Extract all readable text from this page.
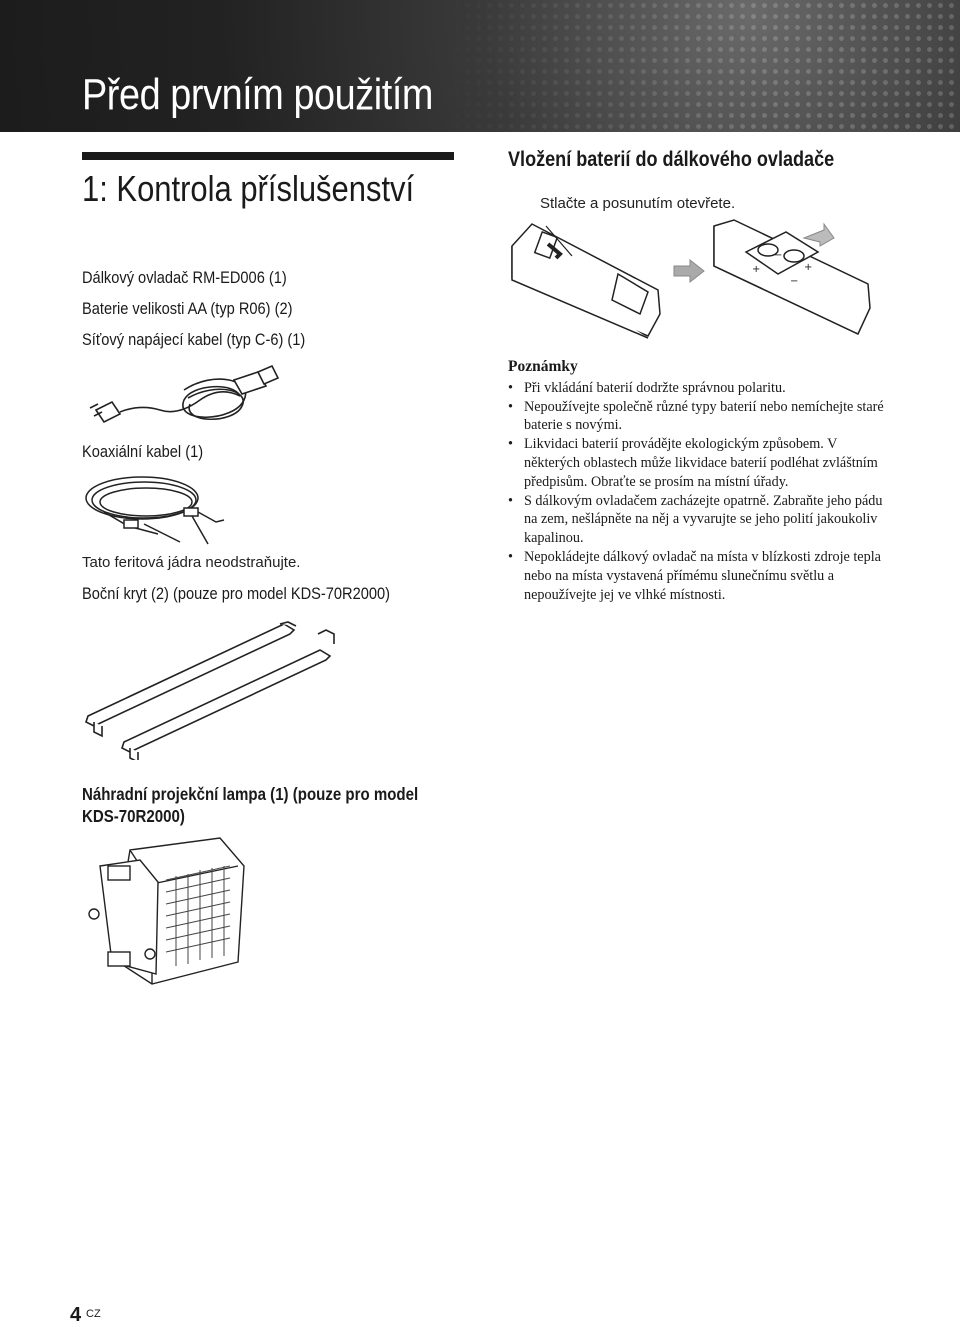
Před prvním použitím
1: Kontrola příslušenství
Dálkový ovladač RM-ED006 (1)
Baterie velikosti AA (typ R06) (2)
Síťový napájecí kabel (typ C-6) (1)
Koaxiální kabel (1)
Tato feritová jádra neodstraňujte.
Boční kryt (2) (pouze pro model KDS-70R2000)
Náhradní projekční lampa (1) (pouze pro model
KDS-70R2000)
Vložení baterií do dálkového ovladače
Stlačte a posunutím otevřete.
+
−
−
+
Poznámky
• Při vkládání baterií dodržte správnou polaritu.
• Nepoužívejte společně různé typy baterií nebo nemíchejte staré baterie s novými.
• Likvidaci baterií provádějte ekologickým způsobem. V některých oblastech může likvidace baterií podléhat zvláštním předpisům. Obraťte se prosím na místní úřady.
• S dálkovým ovladačem zacházejte opatrně. Zabraňte jeho pádu na zem, nešlápněte na něj a vyvarujte se jeho polití jakoukoliv kapalinou.
• Nepokládejte dálkový ovladač na místa v blízkosti zdroje tepla nebo na místa vystavená přímému slunečnímu světlu a nepoužívejte jej ve vlhké místnosti.
4 CZ
